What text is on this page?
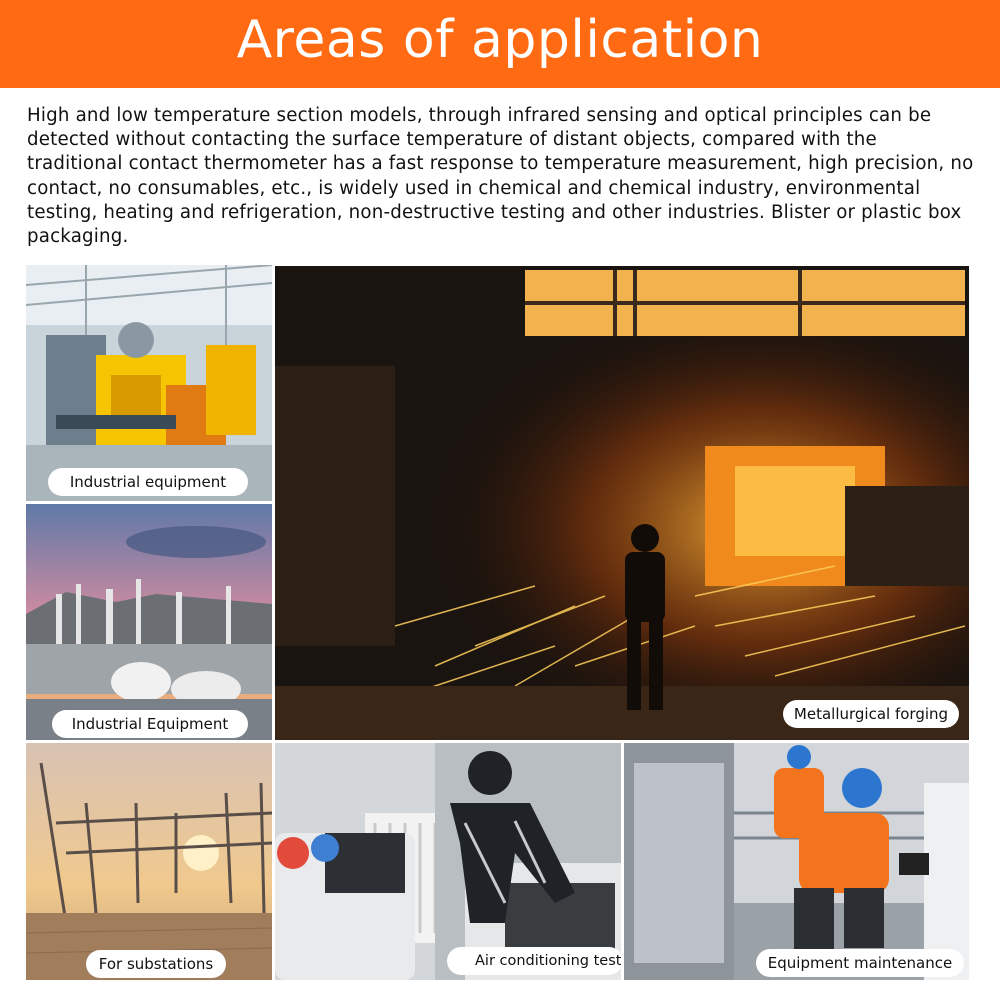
Areas of application

High and low temperature section models, through infrared sensing and optical principles can be detected without contacting the surface temperature of distant objects, compared with the traditional contact thermometer has a fast response to temperature measurement, high precision, no contact, no consumables, etc., is widely used in chemical and chemical industry, environmental testing, heating and refrigeration, non-destructive testing and other industries. Blister or plastic box packaging.

Industrial equipment
Industrial Equipment
Metallurgical forging
For substations	Air conditioning test	Equipment maintenance
